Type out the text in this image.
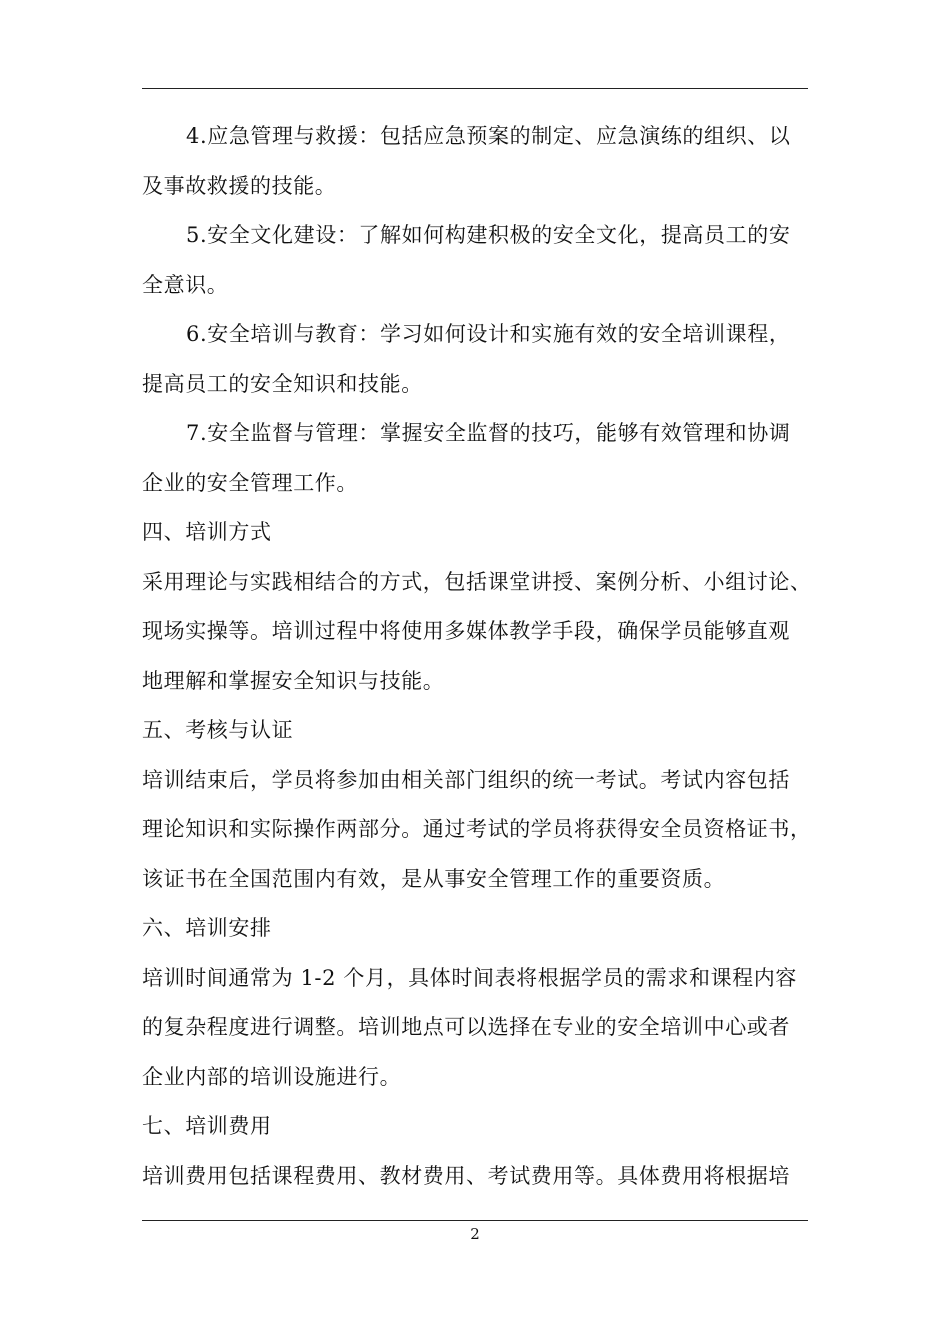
4.应急管理与救援：包括应急预案的制定、应急演练的组织、以
及事故救援的技能。

5.安全文化建设：了解如何构建积极的安全文化，提高员工的安
全意识。

6.安全培训与教育：学习如何设计和实施有效的安全培训课程，
提高员工的安全知识和技能。

7.安全监督与管理：掌握安全监督的技巧，能够有效管理和协调
企业的安全管理工作。

四、培训方式

采用理论与实践相结合的方式，包括课堂讲授、案例分析、小组讨论、
现场实操等。培训过程中将使用多媒体教学手段，确保学员能够直观
地理解和掌握安全知识与技能。

五、考核与认证

培训结束后，学员将参加由相关部门组织的统一考试。考试内容包括
理论知识和实际操作两部分。通过考试的学员将获得安全员资格证书，
该证书在全国范围内有效，是从事安全管理工作的重要资质。

六、培训安排

培训时间通常为 1-2 个月，具体时间表将根据学员的需求和课程内容
的复杂程度进行调整。培训地点可以选择在专业的安全培训中心或者
企业内部的培训设施进行。

七、培训费用

培训费用包括课程费用、教材费用、考试费用等。具体费用将根据培

2
